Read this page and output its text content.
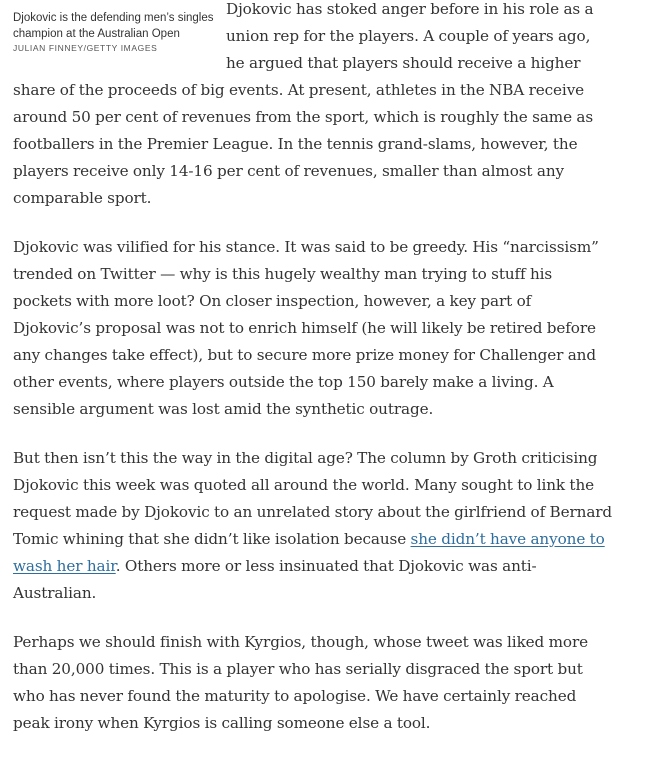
Djokovic is the defending men’s singles champion at the Australian Open

JULIAN FINNEY/GETTY IMAGES

Djokovic has stoked anger before in his role as a union rep for the players. A couple of years ago, he argued that players should receive a higher share of the proceeds of big events. At present, athletes in the NBA receive around 50 per cent of revenues from the sport, which is roughly the same as footballers in the Premier League. In the tennis grand-slams, however, the players receive only 14-16 per cent of revenues, smaller than almost any comparable sport.

Djokovic was vilified for his stance. It was said to be greedy. His “narcissism” trended on Twitter — why is this hugely wealthy man trying to stuff his pockets with more loot? On closer inspection, however, a key part of Djokovic’s proposal was not to enrich himself (he will likely be retired before any changes take effect), but to secure more prize money for Challenger and other events, where players outside the top 150 barely make a living. A sensible argument was lost amid the synthetic outrage.

But then isn’t this the way in the digital age? The column by Groth criticising Djokovic this week was quoted all around the world. Many sought to link the request made by Djokovic to an unrelated story about the girlfriend of Bernard Tomic whining that she didn’t like isolation because she didn’t have anyone to wash her hair. Others more or less insinuated that Djokovic was anti-Australian.

Perhaps we should finish with Kyrgios, though, whose tweet was liked more than 20,000 times. This is a player who has serially disgraced the sport but who has never found the maturity to apologise. We have certainly reached peak irony when Kyrgios is calling someone else a tool.
